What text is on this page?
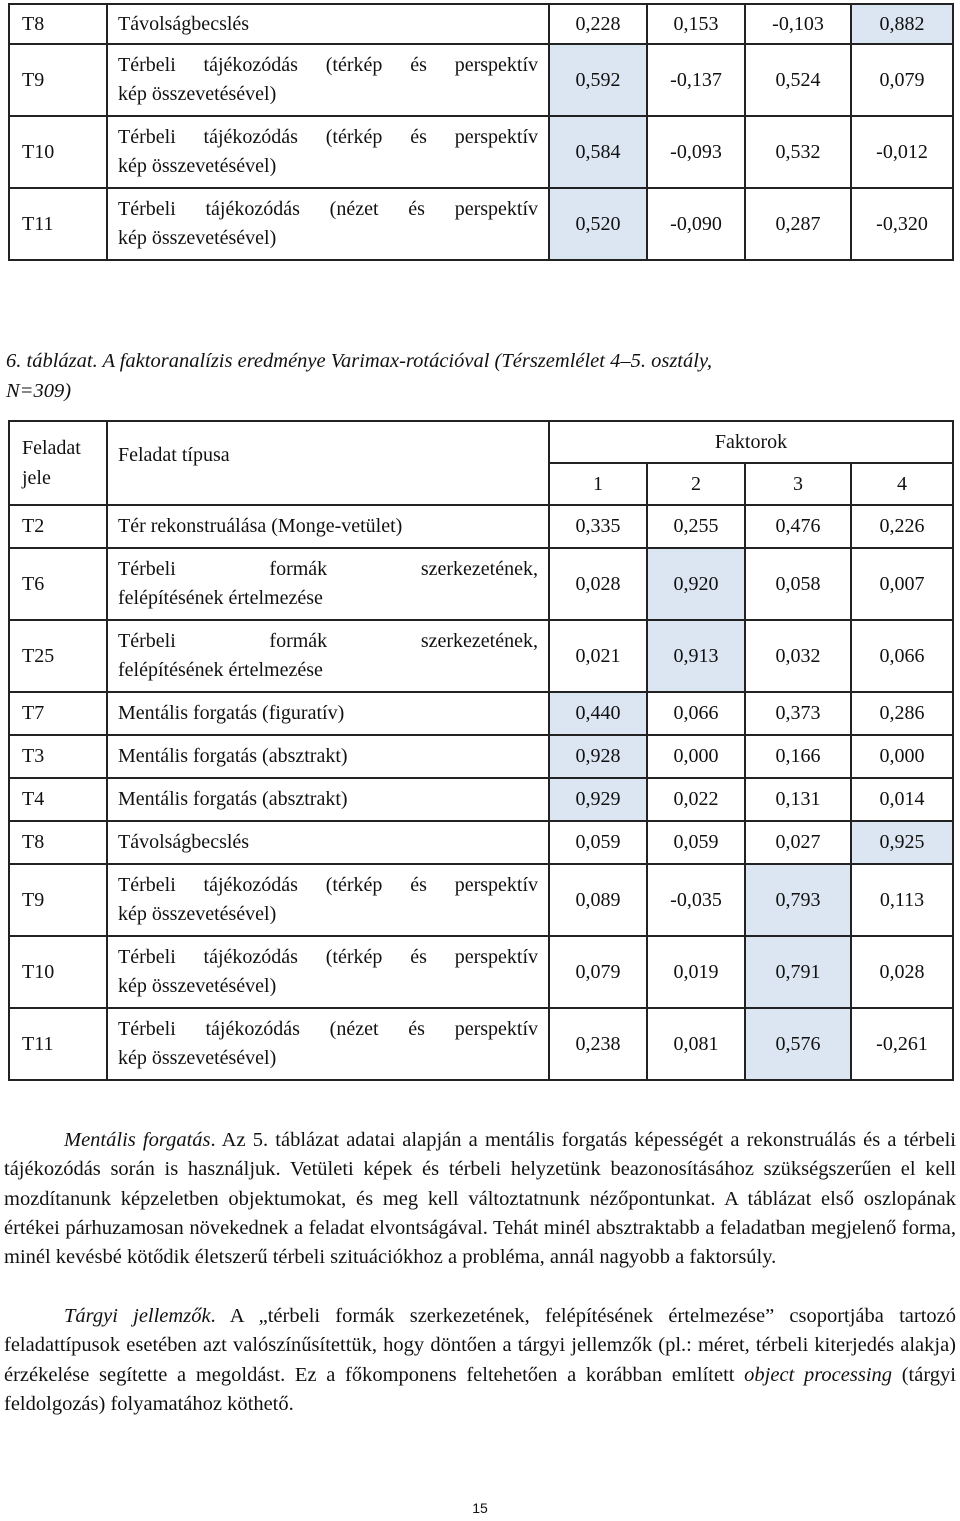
T8	Távolságbecslés	0,228	0,153	-0,103	0,882
T9	Térbeli tájékozódás (térkép és perspektív
kép összevetésével)	0,592	-0,137	0,524	0,079
T10	Térbeli tájékozódás (térkép és perspektív
kép összevetésével)	0,584	-0,093	0,532	-0,012
T11	Térbeli tájékozódás (nézet és perspektív
kép összevetésével)	0,520	-0,090	0,287	-0,320
6. táblázat. A faktoranalízis eredménye Varimax-rotációval (Térszemlélet 4–5. osztály,
N=309)
Feladat
jele	Feladat típusa	Faktorok			
		1	2	3	4
T2	Tér rekonstruálása (Monge-vetület)	0,335	0,255	0,476	0,226
T6	Térbeli formák szerkezetének,
felépítésének értelmezése	0,028	0,920	0,058	0,007
T25	Térbeli formák szerkezetének,
felépítésének értelmezése	0,021	0,913	0,032	0,066
T7	Mentális forgatás (figuratív)	0,440	0,066	0,373	0,286
T3	Mentális forgatás (absztrakt)	0,928	0,000	0,166	0,000
T4	Mentális forgatás (absztrakt)	0,929	0,022	0,131	0,014
T8	Távolságbecslés	0,059	0,059	0,027	0,925
T9	Térbeli tájékozódás (térkép és perspektív
kép összevetésével)	0,089	-0,035	0,793	0,113
T10	Térbeli tájékozódás (térkép és perspektív
kép összevetésével)	0,079	0,019	0,791	0,028
T11	Térbeli tájékozódás (nézet és perspektív
kép összevetésével)	0,238	0,081	0,576	-0,261

Mentális forgatás. Az 5. táblázat adatai alapján a mentális forgatás képességét a rekonstruálás és a térbeli tájékozódás során is használjuk. Vetületi képek és térbeli helyzetünk beazonosításához szükségszerűen el kell mozdítanunk képzeletben objektumokat, és meg kell változtatnunk nézőpontunkat. A táblázat első oszlopának értékei párhuzamosan növekednek a feladat elvontságával. Tehát minél absztraktabb a feladatban megjelenő forma, minél kevésbé kötődik életszerű térbeli szituációkhoz a probléma, annál nagyobb a faktorsúly.

Tárgyi jellemzők. A „térbeli formák szerkezetének, felépítésének értelmezése” csoportjába tartozó feladattípusok esetében azt valószínűsítettük, hogy döntően a tárgyi jellemzők (pl.: méret, térbeli kiterjedés alakja) érzékelése segítette a megoldást. Ez a főkomponens feltehetően a korábban említett object processing (tárgyi feldolgozás) folyamatához köthető.

15
